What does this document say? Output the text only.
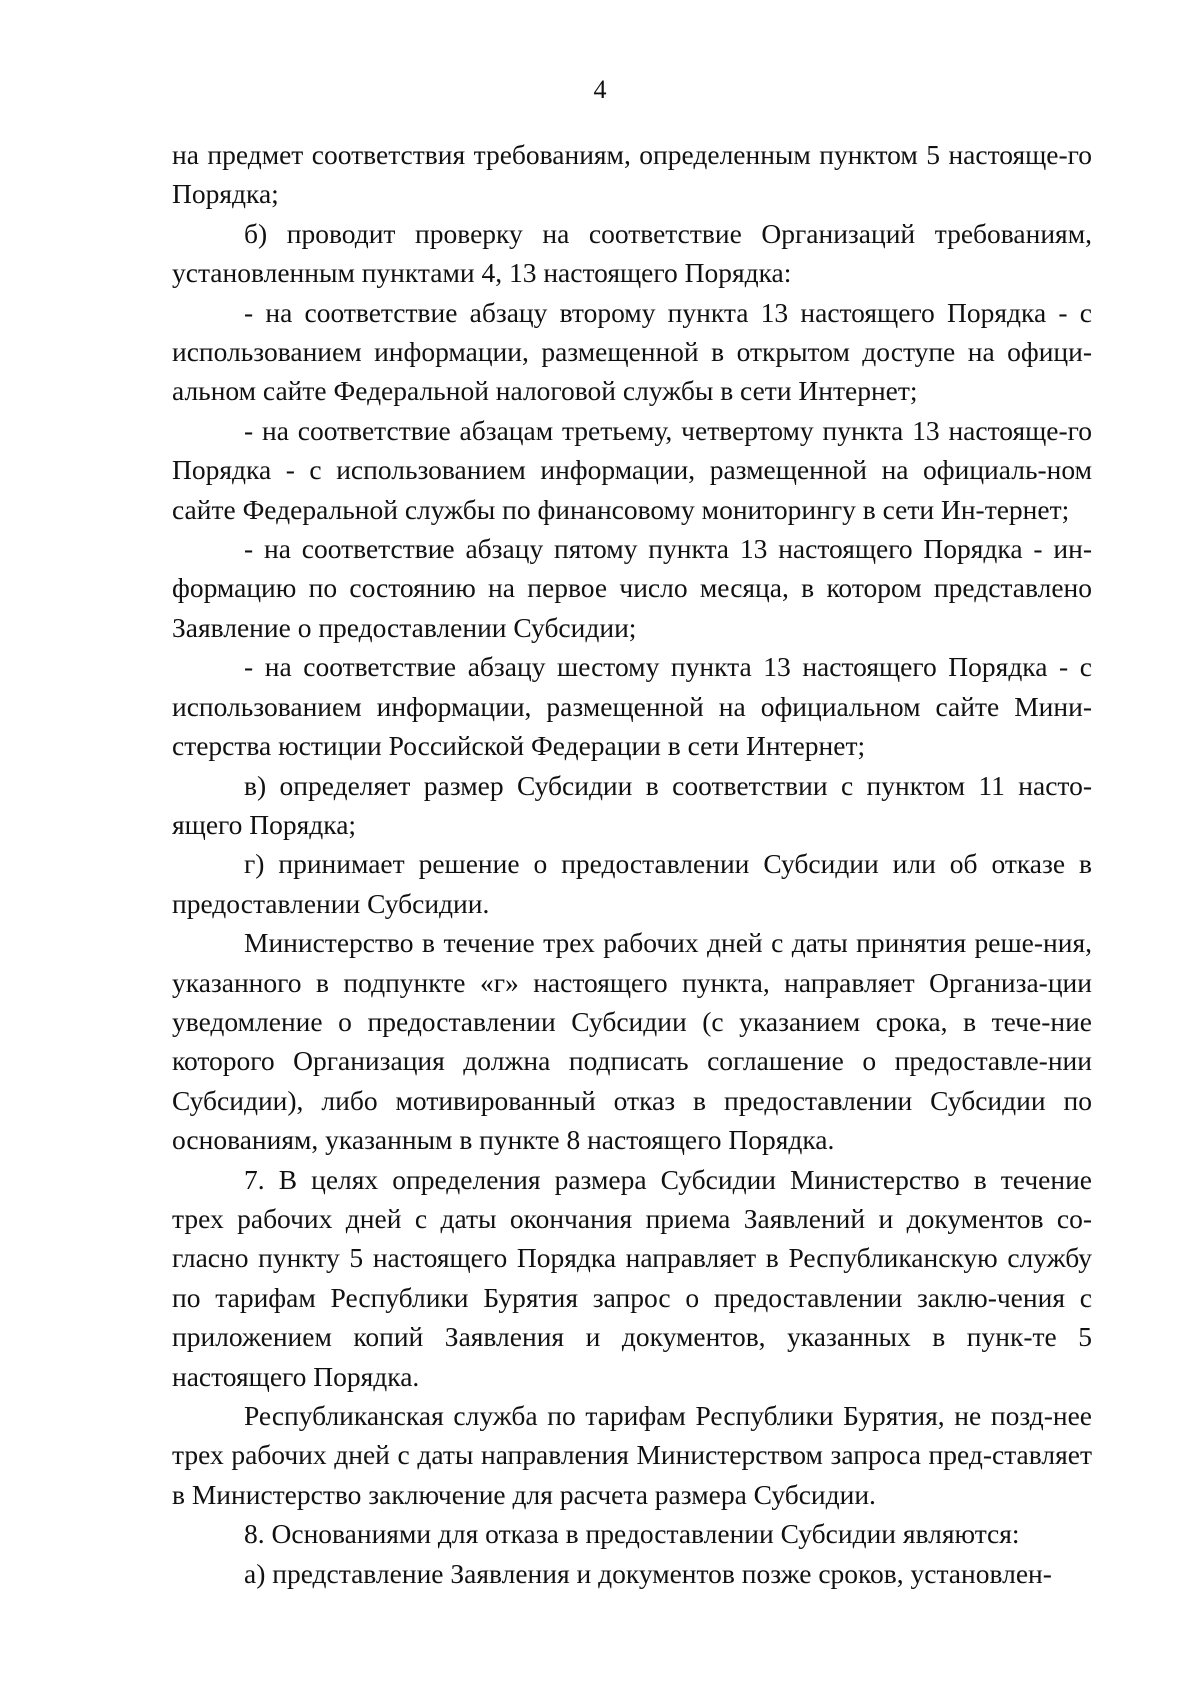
4

на предмет соответствия требованиям, определенным пунктом 5 настояще-го Порядка;

б) проводит проверку на соответствие Организаций требованиям, установленным пунктами 4, 13 настоящего Порядка:

- на соответствие абзацу второму пункта 13 настоящего Порядка - с использованием информации, размещенной в открытом доступе на офици-альном сайте Федеральной налоговой службы в сети Интернет;

- на соответствие абзацам третьему, четвертому пункта 13 настояще-го Порядка - с использованием информации, размещенной на официаль-ном сайте Федеральной службы по финансовому мониторингу в сети Ин-тернет;

- на соответствие абзацу пятому пункта 13 настоящего Порядка - ин-формацию по состоянию на первое число месяца, в котором представлено Заявление о предоставлении Субсидии;

- на соответствие абзацу шестому пункта 13 настоящего Порядка - с использованием информации, размещенной на официальном сайте Мини-стерства юстиции Российской Федерации в сети Интернет;

в) определяет размер Субсидии в соответствии с пунктом 11 насто-ящего Порядка;

г) принимает решение о предоставлении Субсидии или об отказе в предоставлении Субсидии.

Министерство в течение трех рабочих дней с даты принятия реше-ния, указанного в подпункте «г» настоящего пункта, направляет Организа-ции уведомление о предоставлении Субсидии (с указанием срока, в тече-ние которого Организация должна подписать соглашение о предоставле-нии Субсидии), либо мотивированный отказ в предоставлении Субсидии по основаниям, указанным в пункте 8 настоящего Порядка.

7. В целях определения размера Субсидии Министерство в течение трех рабочих дней с даты окончания приема Заявлений и документов со-гласно пункту 5 настоящего Порядка направляет в Республиканскую службу по тарифам Республики Бурятия запрос о предоставлении заклю-чения с приложением копий Заявления и документов, указанных в пунк-те 5 настоящего Порядка.

Республиканская служба по тарифам Республики Бурятия, не позд-нее трех рабочих дней с даты направления Министерством запроса пред-ставляет в Министерство заключение для расчета размера Субсидии.

8. Основаниями для отказа в предоставлении Субсидии являются:

а) представление Заявления и документов позже сроков, установлен-
